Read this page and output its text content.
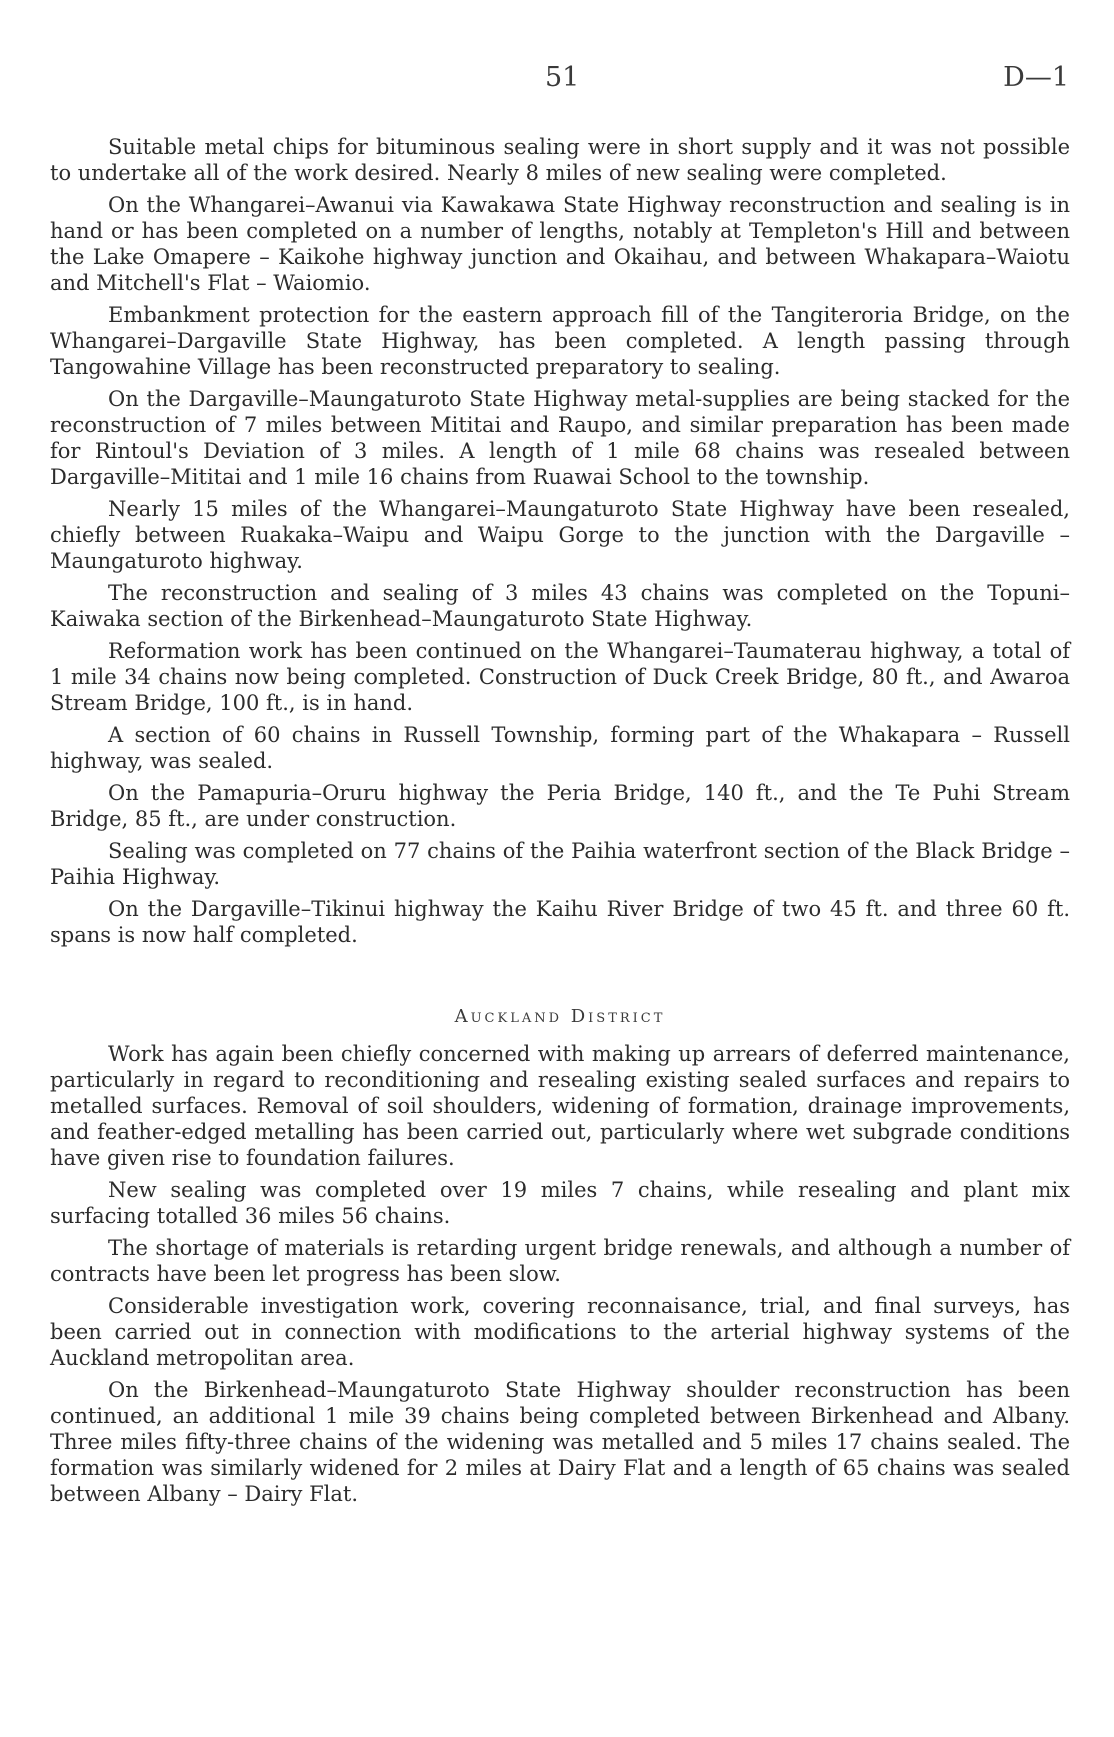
51	D—1

Suitable metal chips for bituminous sealing were in short supply and it was not possible to undertake all of the work desired. Nearly 8 miles of new sealing were completed.

On the Whangarei–Awanui via Kawakawa State Highway reconstruction and sealing is in hand or has been completed on a number of lengths, notably at Templeton's Hill and between the Lake Omapere – Kaikohe highway junction and Okaihau, and between Whakapara–Waiotu and Mitchell's Flat – Waiomio.

Embankment protection for the eastern approach fill of the Tangiteroria Bridge, on the Whangarei–Dargaville State Highway, has been completed. A length passing through Tangowahine Village has been reconstructed preparatory to sealing.

On the Dargaville–Maungaturoto State Highway metal-supplies are being stacked for the reconstruction of 7 miles between Mititai and Raupo, and similar preparation has been made for Rintoul's Deviation of 3 miles. A length of 1 mile 68 chains was resealed between Dargaville–Mititai and 1 mile 16 chains from Ruawai School to the township.

Nearly 15 miles of the Whangarei–Maungaturoto State Highway have been resealed, chiefly between Ruakaka–Waipu and Waipu Gorge to the junction with the Dargaville – Maungaturoto highway.

The reconstruction and sealing of 3 miles 43 chains was completed on the Topuni–Kaiwaka section of the Birkenhead–Maungaturoto State Highway.

Reformation work has been continued on the Whangarei–Taumaterau highway, a total of 1 mile 34 chains now being completed. Construction of Duck Creek Bridge, 80 ft., and Awaroa Stream Bridge, 100 ft., is in hand.

A section of 60 chains in Russell Township, forming part of the Whakapara – Russell highway, was sealed.

On the Pamapuria–Oruru highway the Peria Bridge, 140 ft., and the Te Puhi Stream Bridge, 85 ft., are under construction.

Sealing was completed on 77 chains of the Paihia waterfront section of the Black Bridge – Paihia Highway.

On the Dargaville–Tikinui highway the Kaihu River Bridge of two 45 ft. and three 60 ft. spans is now half completed.

Auckland District

Work has again been chiefly concerned with making up arrears of deferred maintenance, particularly in regard to reconditioning and resealing existing sealed surfaces and repairs to metalled surfaces. Removal of soil shoulders, widening of formation, drainage improvements, and feather-edged metalling has been carried out, particularly where wet subgrade conditions have given rise to foundation failures.

New sealing was completed over 19 miles 7 chains, while resealing and plant mix surfacing totalled 36 miles 56 chains.

The shortage of materials is retarding urgent bridge renewals, and although a number of contracts have been let progress has been slow.

Considerable investigation work, covering reconnaisance, trial, and final surveys, has been carried out in connection with modifications to the arterial highway systems of the Auckland metropolitan area.

On the Birkenhead–Maungaturoto State Highway shoulder reconstruction has been continued, an additional 1 mile 39 chains being completed between Birkenhead and Albany. Three miles fifty-three chains of the widening was metalled and 5 miles 17 chains sealed. The formation was similarly widened for 2 miles at Dairy Flat and a length of 65 chains was sealed between Albany – Dairy Flat.
